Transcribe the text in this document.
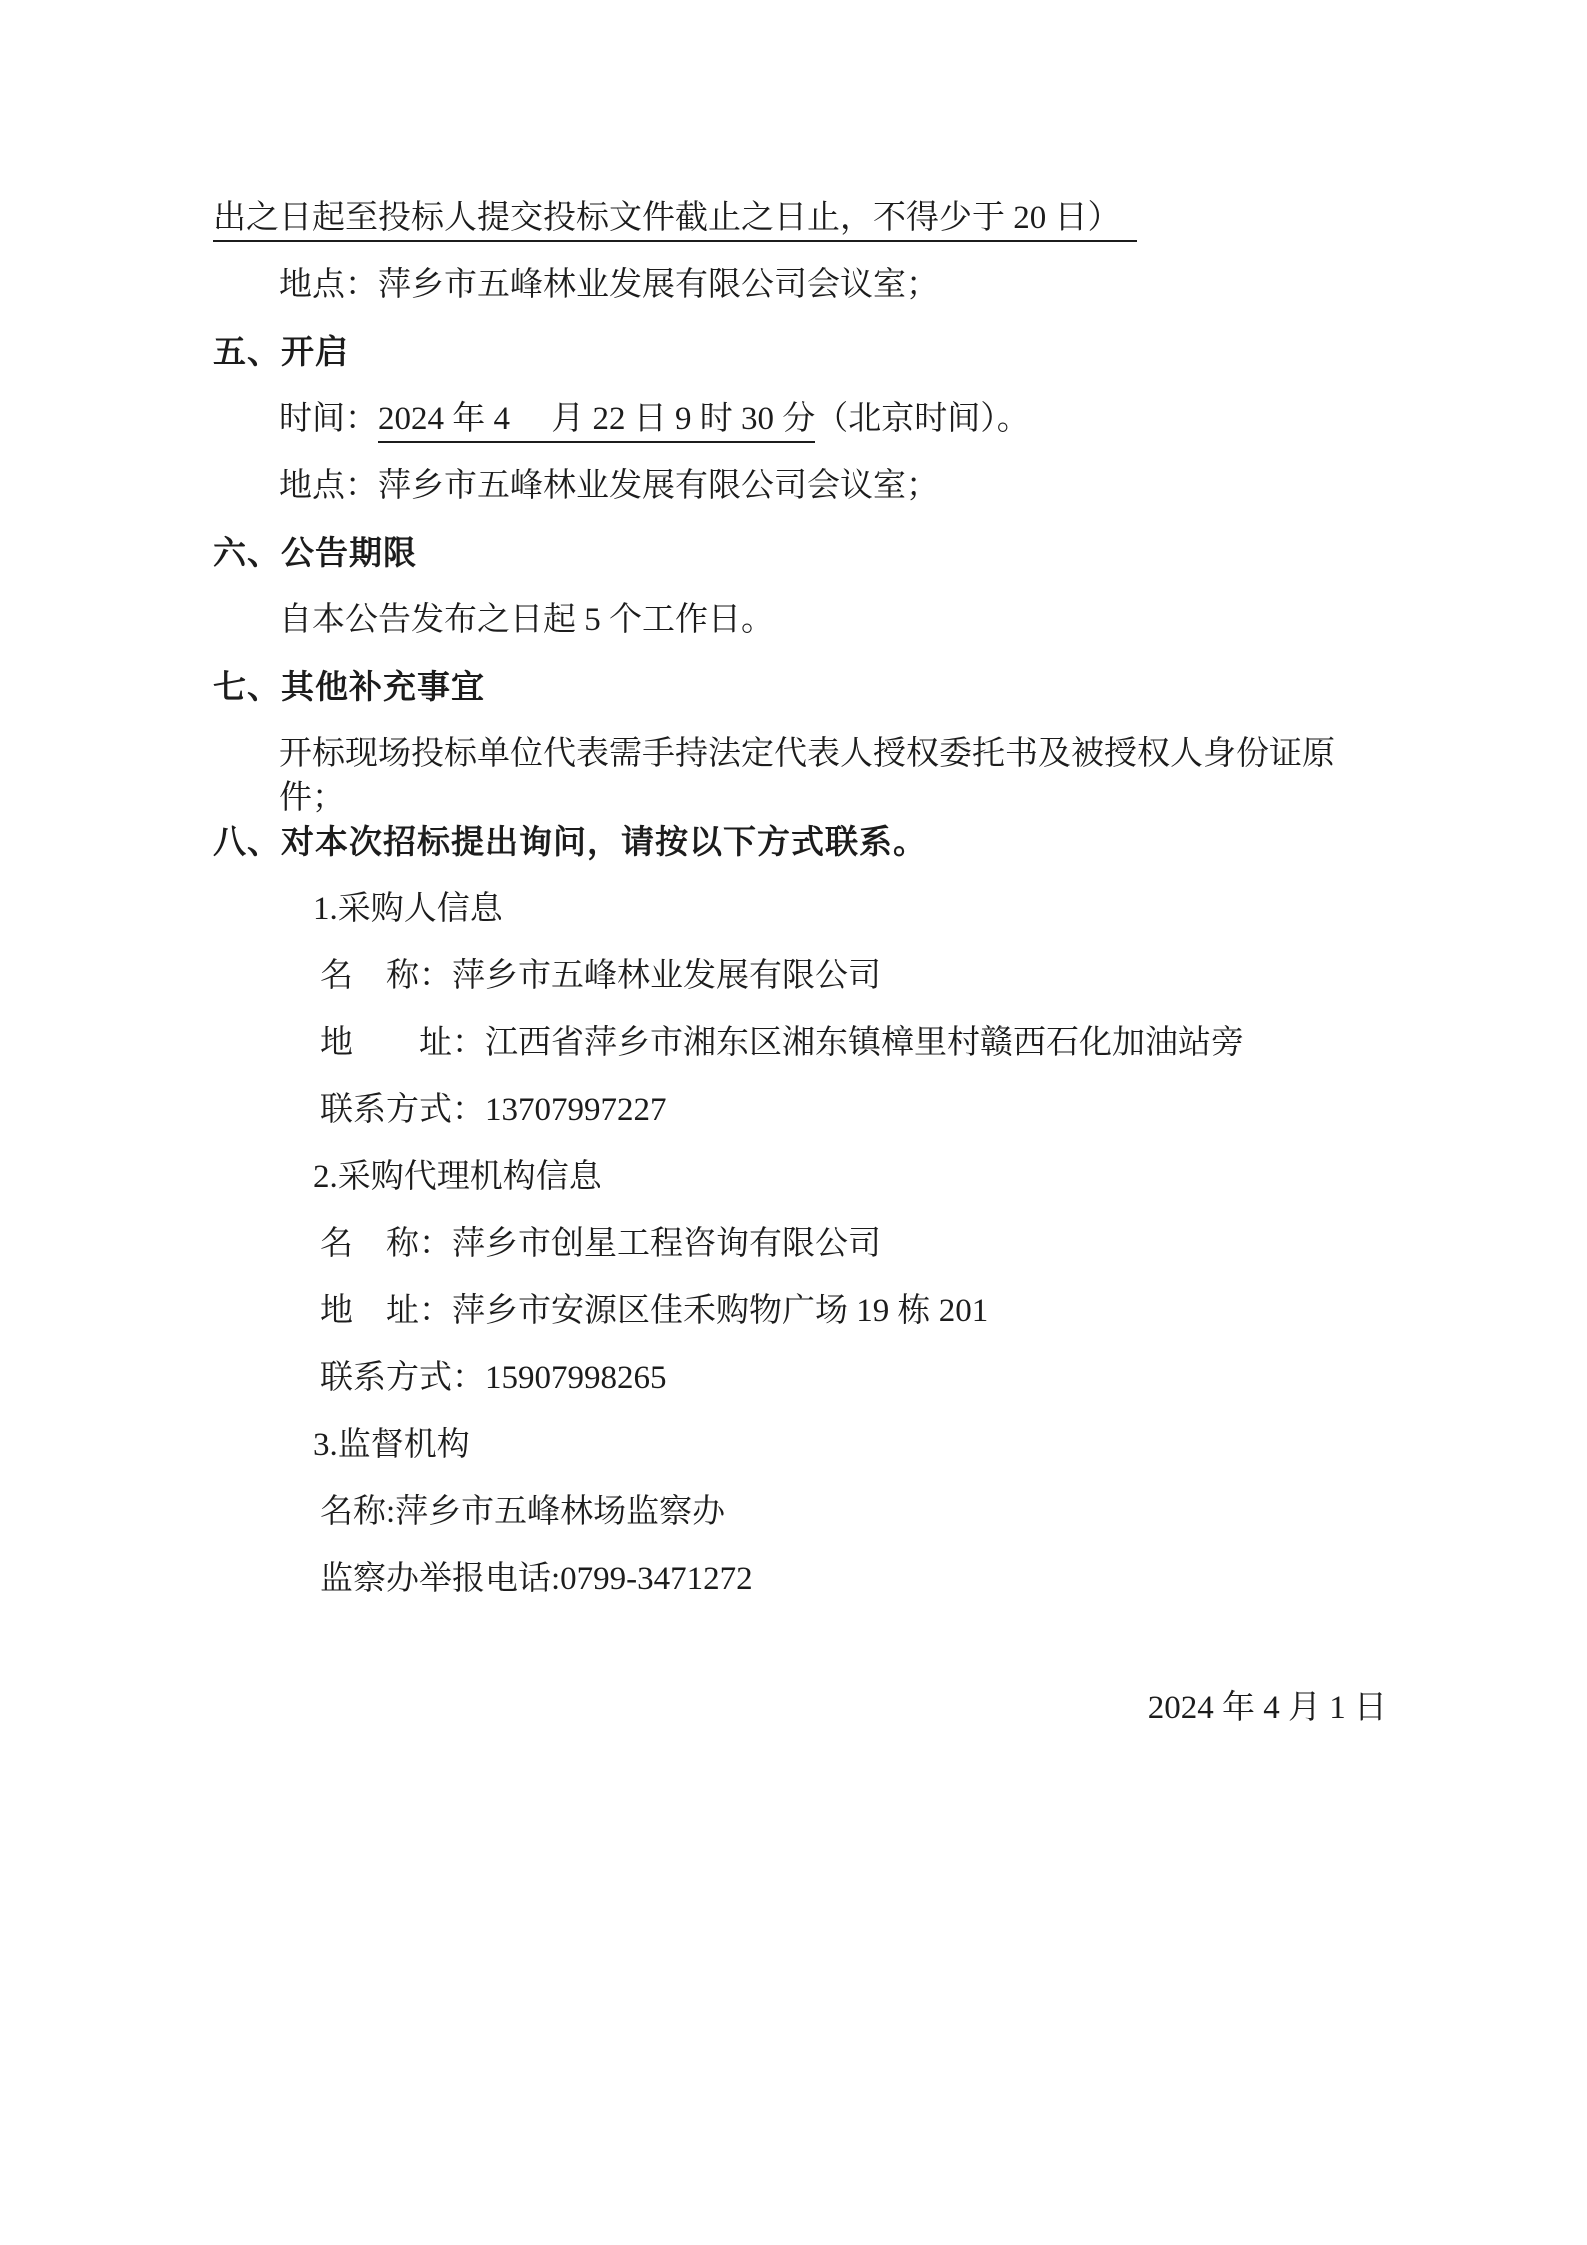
出之日起至投标人提交投标文件截止之日止，不得少于 20 日）
地点：萍乡市五峰林业发展有限公司会议室；
五、开启
时间：2024 年 4 　月 22 日 9 时 30 分（北京时间）。
地点：萍乡市五峰林业发展有限公司会议室；
六、公告期限
自本公告发布之日起 5 个工作日。
七、其他补充事宜
开标现场投标单位代表需手持法定代表人授权委托书及被授权人身份证原件；
八、对本次招标提出询问，请按以下方式联系。
1.采购人信息
名　称：萍乡市五峰林业发展有限公司
地　　址：江西省萍乡市湘东区湘东镇樟里村赣西石化加油站旁
联系方式：13707997227
2.采购代理机构信息
名　称：萍乡市创星工程咨询有限公司
地　址：萍乡市安源区佳禾购物广场 19 栋 201
联系方式：15907998265
3.监督机构
名称:萍乡市五峰林场监察办
监察办举报电话:0799-3471272
2024 年 4 月 1 日
